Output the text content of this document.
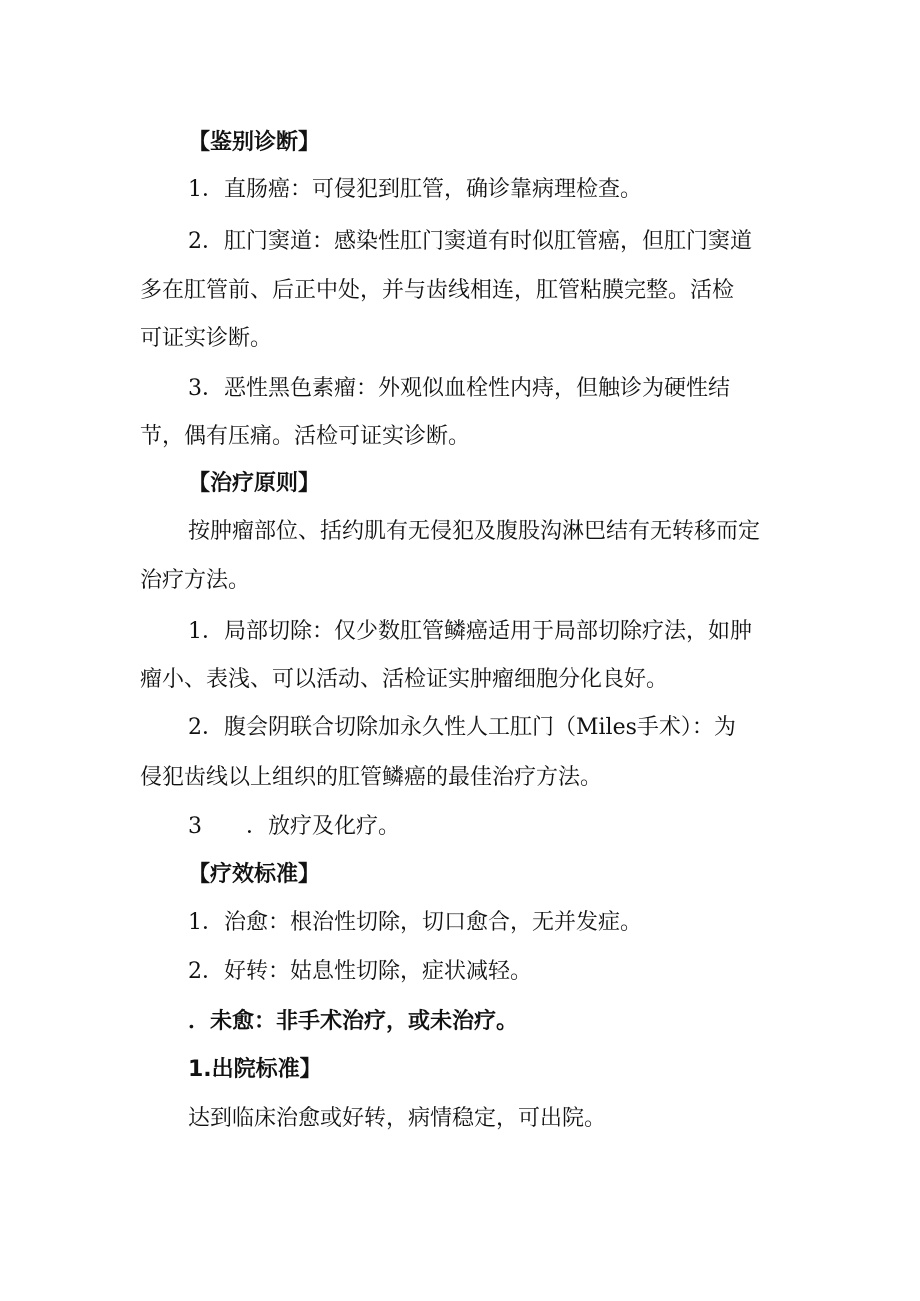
【鉴别诊断】
1．直肠癌：可侵犯到肛管，确诊靠病理检查。
2．肛门窦道：感染性肛门窦道有时似肛管癌，但肛门窦道
多在肛管前、后正中处，并与齿线相连，肛管粘膜完整。活检
可证实诊断。
3．恶性黑色素瘤：外观似血栓性内痔，但触诊为硬性结
节，偶有压痛。活检可证实诊断。
【治疗原则】
按肿瘤部位、括约肌有无侵犯及腹股沟淋巴结有无转移而定
治疗方法。
1．局部切除：仅少数肛管鳞癌适用于局部切除疗法，如肿
瘤小、表浅、可以活动、活检证实肿瘤细胞分化良好。
2．腹会阴联合切除加永久性人工肛门（Miles手术）：为
侵犯齿线以上组织的肛管鳞癌的最佳治疗方法。
3　　．放疗及化疗。
【疗效标准】
1．治愈：根治性切除，切口愈合，无并发症。
2．好转：姑息性切除，症状减轻。
．未愈：非手术治疗，或未治疗。
1.出院标准】
达到临床治愈或好转，病情稳定，可出院。
